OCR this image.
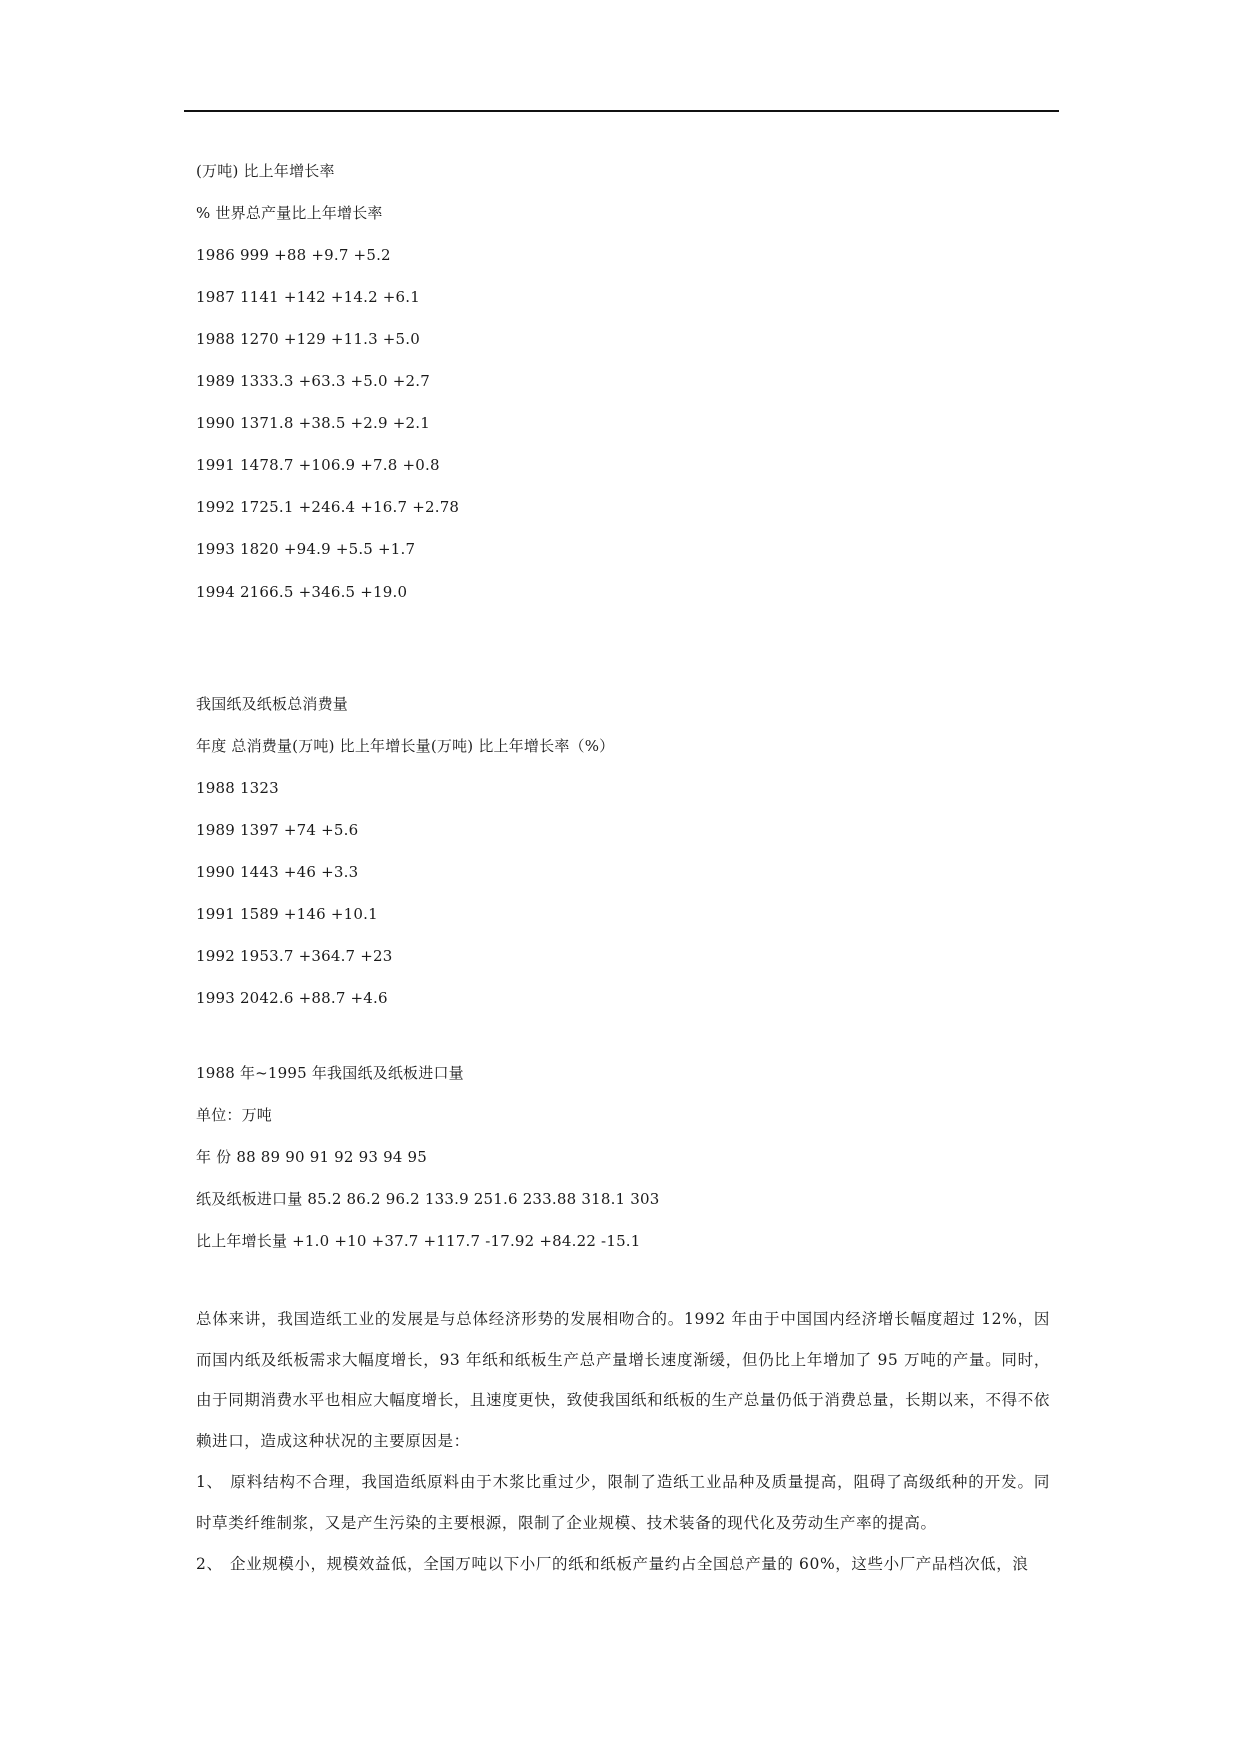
(万吨) 比上年增长率
% 世界总产量比上年增长率
1986 999 +88 +9.7 +5.2
1987 1141 +142 +14.2 +6.1
1988 1270 +129 +11.3 +5.0
1989 1333.3 +63.3 +5.0 +2.7
1990 1371.8 +38.5 +2.9 +2.1
1991 1478.7 +106.9 +7.8 +0.8
1992 1725.1 +246.4 +16.7 +2.78
1993 1820 +94.9 +5.5 +1.7
1994 2166.5 +346.5 +19.0
我国纸及纸板总消费量
年度 总消费量(万吨) 比上年增长量(万吨) 比上年增长率（%）
1988 1323
1989 1397 +74 +5.6
1990 1443 +46 +3.3
1991 1589 +146 +10.1
1992 1953.7 +364.7 +23
1993 2042.6 +88.7 +4.6
1988 年~1995 年我国纸及纸板进口量
单位：万吨
年 份 88 89 90 91 92 93 94 95
纸及纸板进口量 85.2 86.2 96.2 133.9 251.6 233.88 318.1 303
比上年增长量 +1.0 +10 +37.7 +117.7 -17.92 +84.22 -15.1
总体来讲，我国造纸工业的发展是与总体经济形势的发展相吻合的。1992 年由于中国国内经济增长幅度超过 12%，因而国内纸及纸板需求大幅度增长，93 年纸和纸板生产总产量增长速度渐缓，但仍比上年增加了 95 万吨的产量。同时，由于同期消费水平也相应大幅度增长，且速度更快，致使我国纸和纸板的生产总量仍低于消费总量，长期以来，不得不依赖进口，造成这种状况的主要原因是：
1、 原料结构不合理，我国造纸原料由于木浆比重过少，限制了造纸工业品种及质量提高，阻碍了高级纸种的开发。同时草类纤维制浆，又是产生污染的主要根源，限制了企业规模、技术装备的现代化及劳动生产率的提高。
2、 企业规模小，规模效益低，全国万吨以下小厂的纸和纸板产量约占全国总产量的 60%，这些小厂产品档次低，浪
